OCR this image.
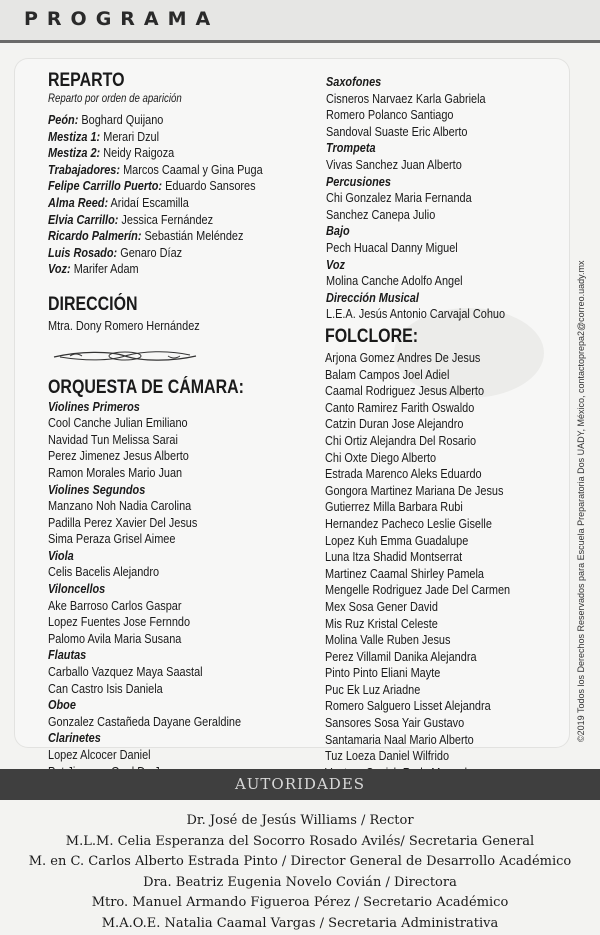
PROGRAMA
REPARTO
Reparto por orden de aparición
Peón: Boghard Quijano
Mestiza 1: Merari Dzul
Mestiza 2: Neidy Raigoza
Trabajadores: Marcos Caamal y Gina Puga
Felipe Carrillo Puerto: Eduardo Sansores
Alma Reed: Aridaí Escamilla
Elvia Carrillo: Jessica Fernández
Ricardo Palmerín: Sebastián Meléndez
Luis Rosado: Genaro Díaz
Voz: Marifer Adam
DIRECCIÓN
Mtra. Dony Romero Hernández
ORQUESTA DE CÁMARA:
Violines Primeros
Cool Canche Julian Emiliano
Navidad Tun Melissa Sarai
Perez Jimenez Jesus Alberto
Ramon Morales Mario Juan
Violines Segundos
Manzano Noh Nadia Carolina
Padilla Perez Xavier Del Jesus
Sima Peraza Grisel Aimee
Viola
Celis Bacelis Alejandro
Viloncellos
Ake Barroso Carlos Gaspar
Lopez Fuentes Jose Fernndo
Palomo Avila Maria Susana
Flautas
Carballo Vazquez Maya Saastal
Can Castro Isis Daniela
Oboe
Gonzalez Castañeda Dayane Geraldine
Clarinetes
Lopez Alcocer Daniel
Saxofones
Cisneros Narvaez Karla Gabriela
Romero Polanco Santiago
Sandoval Suaste Eric Alberto
Trompeta
Vivas Sanchez Juan Alberto
Percusiones
Chi Gonzalez Maria Fernanda
Sanchez Canepa Julio
Bajo
Pech Huacal Danny Miguel
Voz
Molina Canche Adolfo Angel
Dirección Musical
L.E.A. Jesús Antonio Carvajal Cohuo
FOLCLORE:
Arjona Gomez Andres De Jesus
Balam Campos Joel Adiel
Caamal Rodriguez Jesus Alberto
Canto Ramirez Farith Oswaldo
Catzin Duran Jose Alejandro
Chi Ortiz Alejandra Del Rosario
Chi Oxte Diego Alberto
Estrada Marenco Aleks Eduardo
Gongora Martinez Mariana De Jesus
Gutierrez Milla Barbara Rubi
Hernandez Pacheco Leslie Giselle
Lopez Kuh Emma Guadalupe
Luna Itza Shadid Montserrat
Martinez Caamal Shirley Pamela
Mengelle Rodriguez Jade Del Carmen
Mex Sosa Gener David
Mis Ruz Kristal Celeste
Molina Valle Ruben Jesus
Perez Villamil Danika Alejandra
Pinto Pinto Eliani Mayte
Puc Ek Luz Ariadne
Romero Salguero Lisset Alejandra
Sansores Sosa Yair Gustavo
Santamaria Naal Mario Alberto
Tuz Loeza Daniel Wilfrido
©2019 Todos los Derechos Reservados para Escuela Preparatoria Dos UADY, México, contactoprepa2@correo.uady.mx
AUTORIDADES
Dr. José de Jesús Williams / Rector
M.L.M. Celia Esperanza del Socorro Rosado Avilés/ Secretaria General
M. en C. Carlos Alberto Estrada Pinto / Director General de Desarrollo Académico
Dra. Beatriz Eugenia Novelo Covián / Directora
Mtro. Manuel Armando Figueroa Pérez / Secretario Académico
M.A.O.E. Natalia Caamal Vargas / Secretaria Administrativa
